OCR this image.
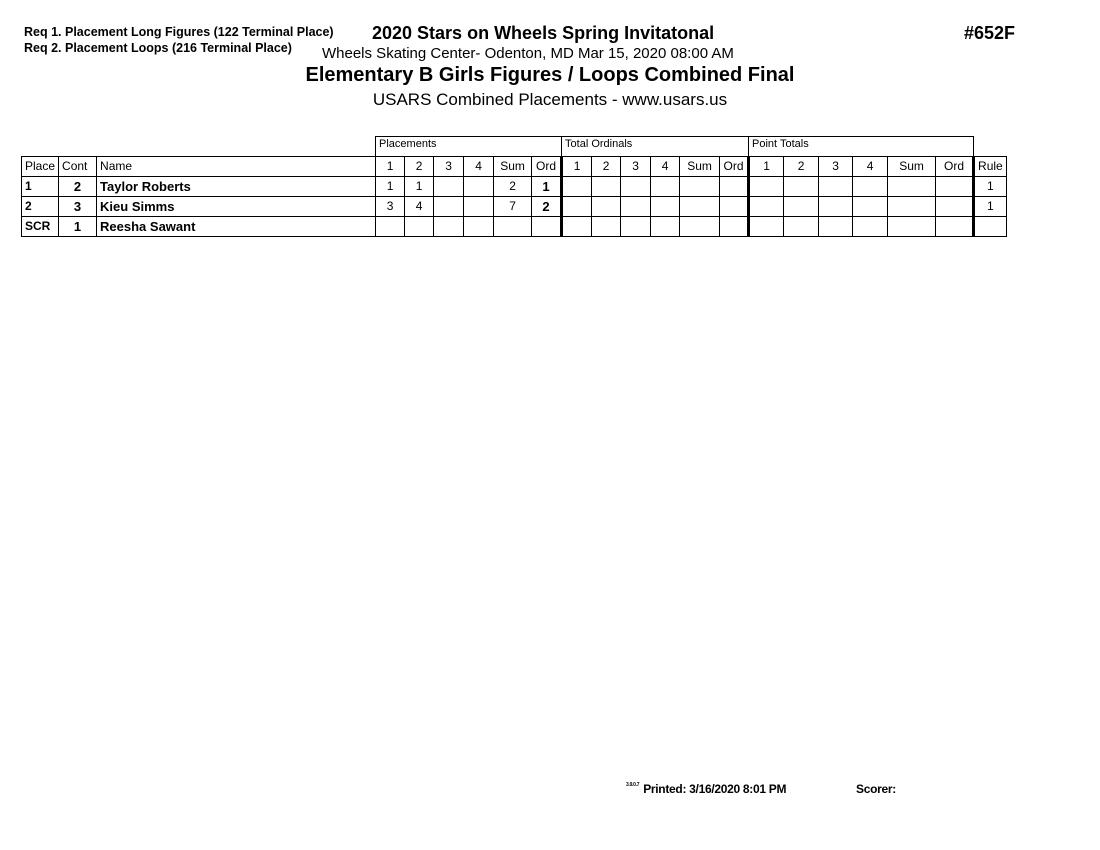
Req 1. Placement Long Figures (122 Terminal Place)
Req 2. Placement Loops (216 Terminal Place)
2020 Stars on Wheels Spring Invitatonal	#652F
Wheels Skating Center- Odenton, MD Mar 15, 2020 08:00 AM
Elementary B Girls Figures / Loops Combined Final
USARS Combined Placements - www.usars.us
			Placements						Total Ordinals						Point Totals						
Place	Cont	Name	1	2	3	4	Sum	Ord	1	2	3	4	Sum	Ord	1	2	3	4	Sum	Ord	Rule
1	2	Taylor Roberts	1	1			2	1													1
2	3	Kieu Simms	3	4			7	2													1
SCR	1	Reesha Sawant																			
$^{3.9.0.7}$ Printed: 3/16/2020 8:01 PM	Scorer:
